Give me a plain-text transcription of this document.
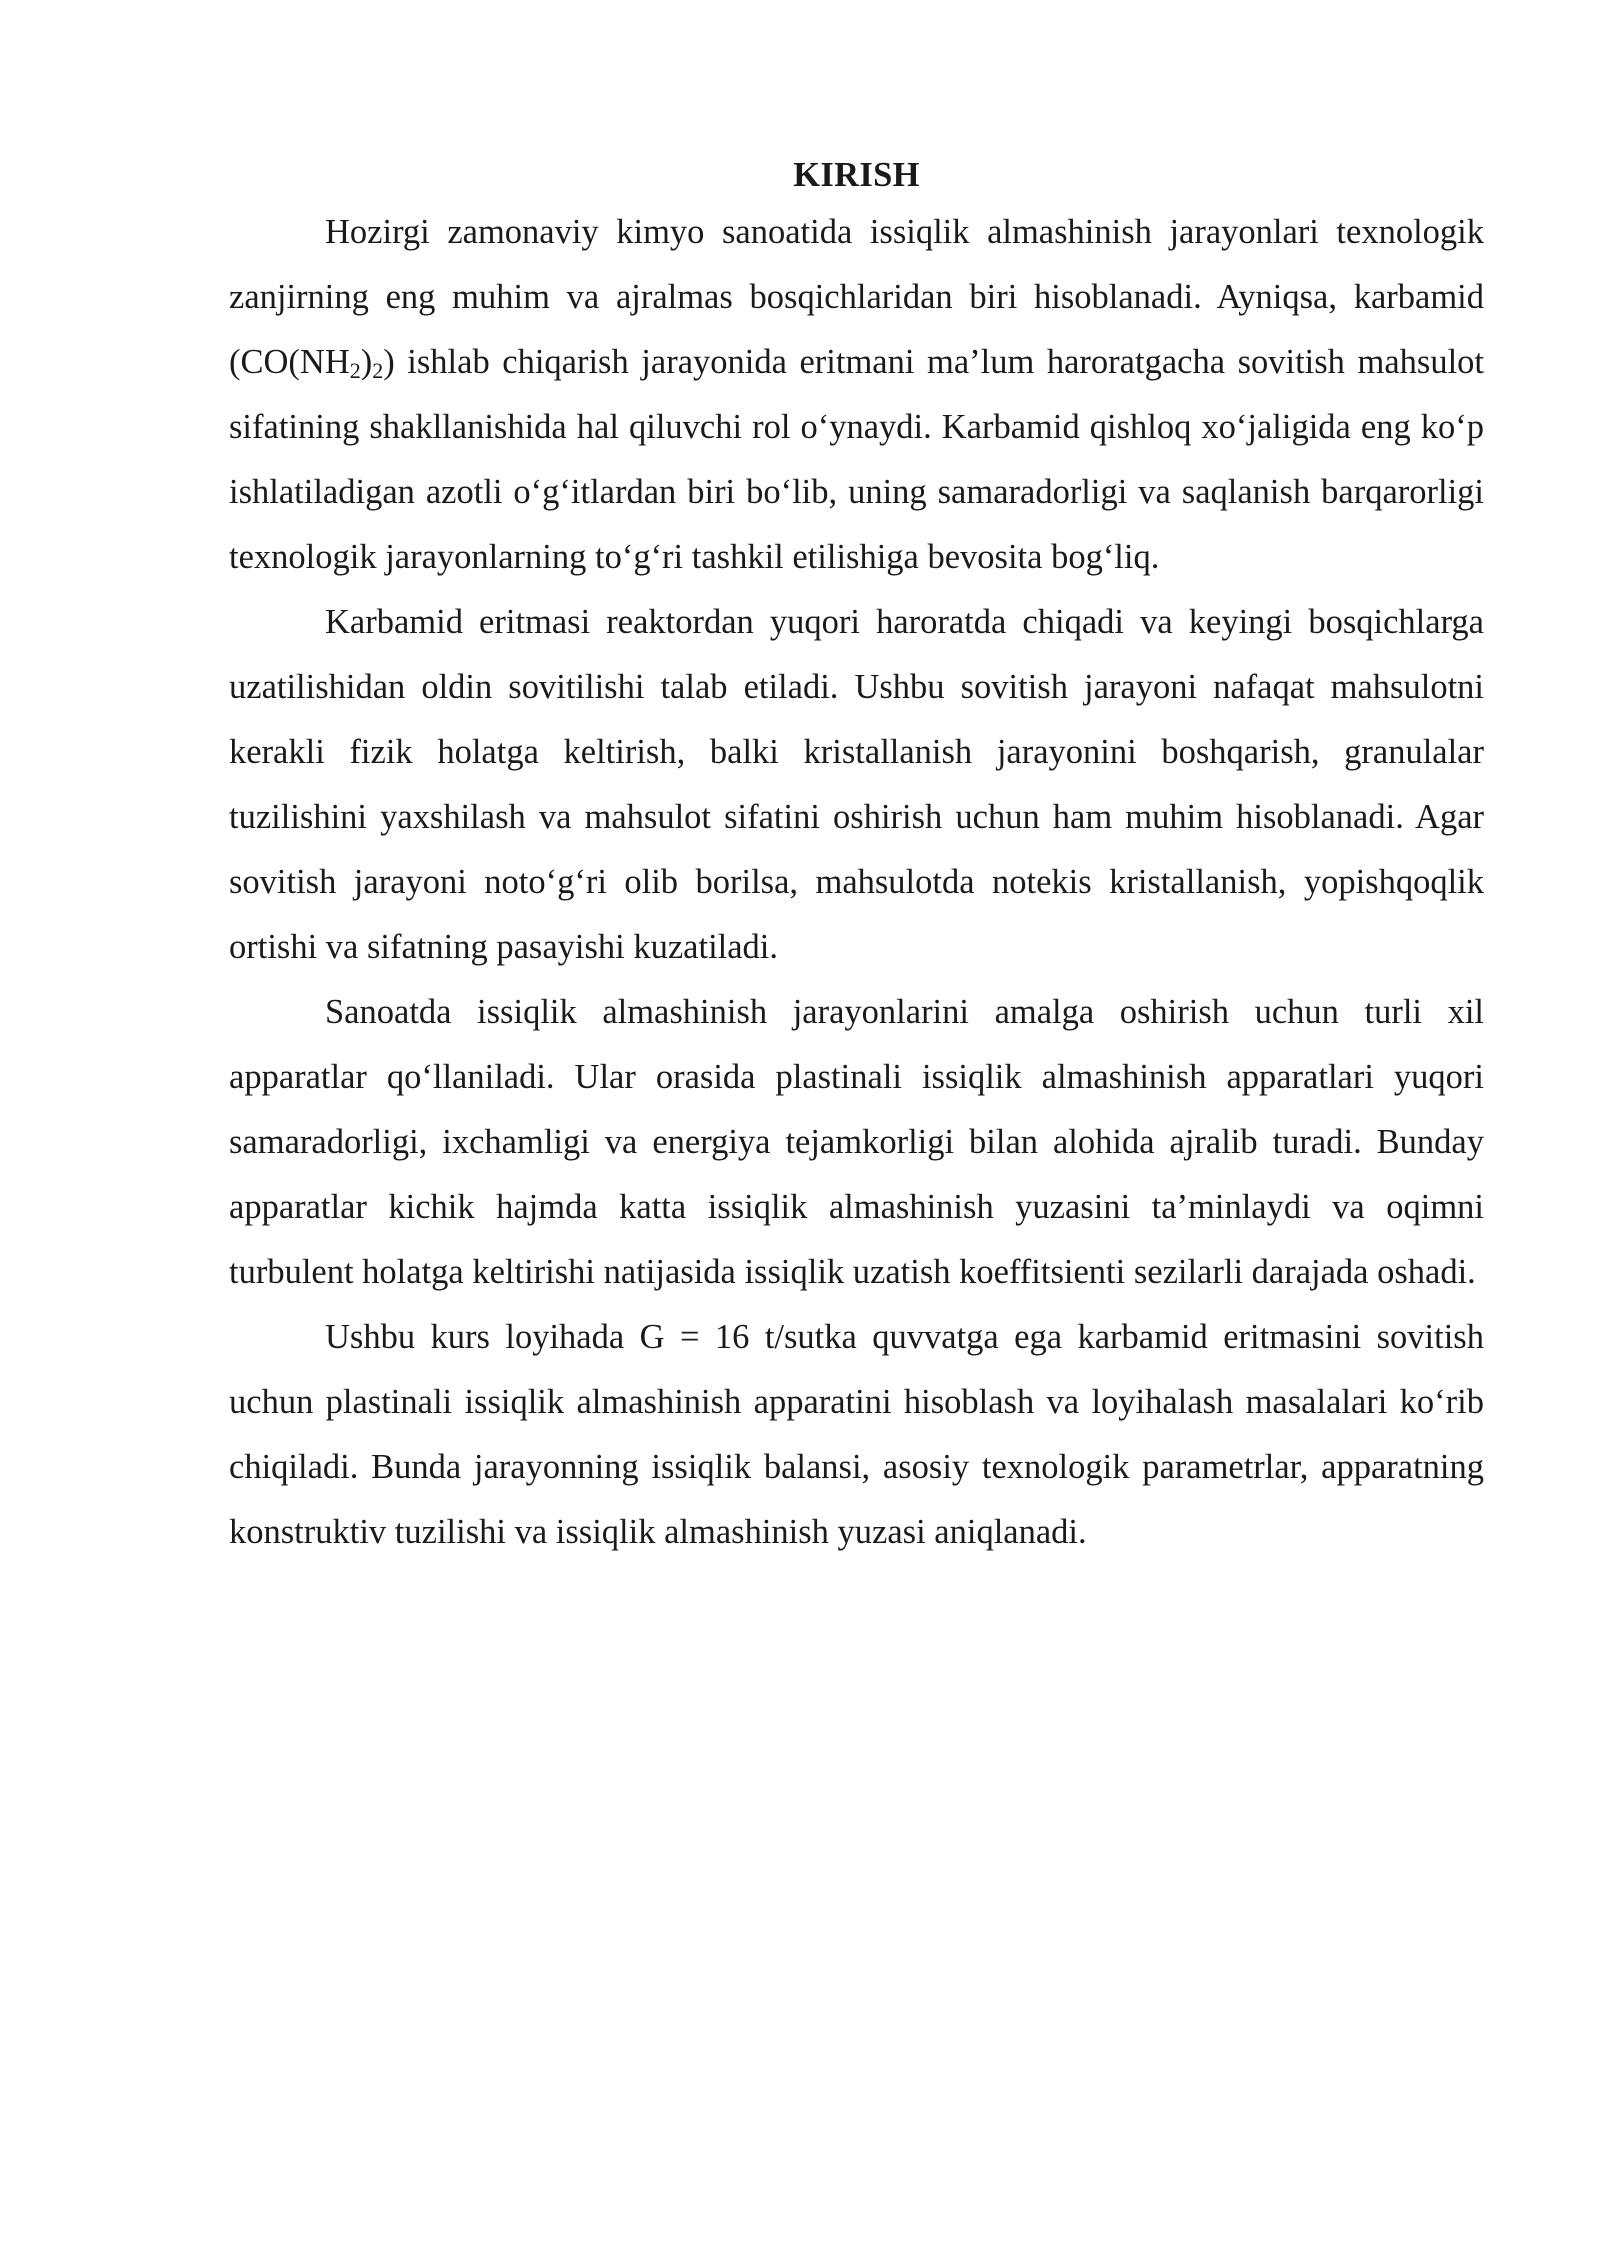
KIRISH

Hozirgi zamonaviy kimyo sanoatida issiqlik almashinish jarayonlari texnologik zanjirning eng muhim va ajralmas bosqichlaridan biri hisoblanadi. Ayniqsa, karbamid $(CO(NH_2)_2)$ ishlab chiqarish jarayonida eritmani ma’lum haroratgacha sovitish mahsulot sifatining shakllanishida hal qiluvchi rol o‘ynaydi. Karbamid qishloq xo‘jaligida eng ko‘p ishlatiladigan azotli o‘g‘itlardan biri bo‘lib, uning samaradorligi va saqlanish barqarorligi texnologik jarayonlarning to‘g‘ri tashkil etilishiga bevosita bog‘liq.

Karbamid eritmasi reaktordan yuqori haroratda chiqadi va keyingi bosqichlarga uzatilishidan oldin sovitilishi talab etiladi. Ushbu sovitish jarayoni nafaqat mahsulotni kerakli fizik holatga keltirish, balki kristallanish jarayonini boshqarish, granulalar tuzilishini yaxshilash va mahsulot sifatini oshirish uchun ham muhim hisoblanadi. Agar sovitish jarayoni noto‘g‘ri olib borilsa, mahsulotda notekis kristallanish, yopishqoqlik ortishi va sifatning pasayishi kuzatiladi.

Sanoatda issiqlik almashinish jarayonlarini amalga oshirish uchun turli xil apparatlar qo‘llaniladi. Ular orasida plastinali issiqlik almashinish apparatlari yuqori samaradorligi, ixchamligi va energiya tejamkorligi bilan alohida ajralib turadi. Bunday apparatlar kichik hajmda katta issiqlik almashinish yuzasini ta’minlaydi va oqimni turbulent holatga keltirishi natijasida issiqlik uzatish koeffitsienti sezilarli darajada oshadi.

Ushbu kurs loyihada G = 16 t/sutka quvvatga ega karbamid eritmasini sovitish uchun plastinali issiqlik almashinish apparatini hisoblash va loyihalash masalalari ko‘rib chiqiladi. Bunda jarayonning issiqlik balansi, asosiy texnologik parametrlar, apparatning konstruktiv tuzilishi va issiqlik almashinish yuzasi aniqlanadi.
